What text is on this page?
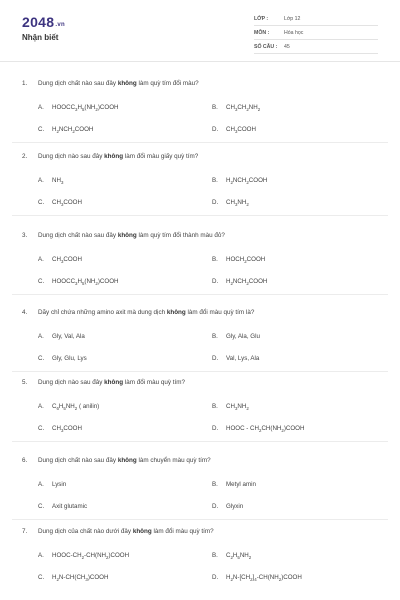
2048.vn
Nhận biết
LỚP :	Lớp 12
MÔN :	Hóa học
SỐ CÂU : 45
1. Dung dịch chất nào sau đây không làm quỳ tím đổi màu?
A. $HOOCC_3H_5(NH_2)COOH$	B. $CH_3CH_2NH_2$
C. $H_2NCH_2COOH$	D. $CH_3COOH$
2. Dung dịch nào sau đây không làm đổi màu giấy quỳ tím?
A. $NH_3$	B. $H_2NCH_2COOH$
C. $CH_3COOH$	D. $CH_3NH_2$
3. Dung dịch chất nào sau đây không làm quỳ tím đổi thành màu đỏ?
A. $CH_3COOH$	B. $HOCH_2COOH$
C. $HOOCC_3H_5(NH_2)COOH$	D. $H_2NCH_2COOH$
4. Dãy chỉ chứa những amino axit mà dung dịch không làm đổi màu quỳ tím là?
A. Gly, Val, Ala	B. Gly, Ala, Glu
C. Gly, Glu, Lys	D. Val, Lys, Ala
5. Dung dịch nào sau đây không làm đổi màu quỳ tím?
A. $C_6H_5NH_2$ ( anilin)	B. $CH_3NH_2$
C. $CH_3COOH$	D. HOOC - $CH_2CH(NH_2)COOH$
6. Dung dịch chất nào sau đây không làm chuyển màu quỳ tím?
A. Lysin	B. Metyl amin
C. Axit glutamic	D. Glyxin
7. Dung dịch của chất nào dưới đây không làm đổi màu quỳ tím?
A. HOOC-$CH_2-CH(NH_2)COOH$	B. $C_2H_5NH_2$
C. $H_2N-CH(CH_3)COOH$	D. $H_2N-[CH_2]_4-CH(NH_2)COOH$
